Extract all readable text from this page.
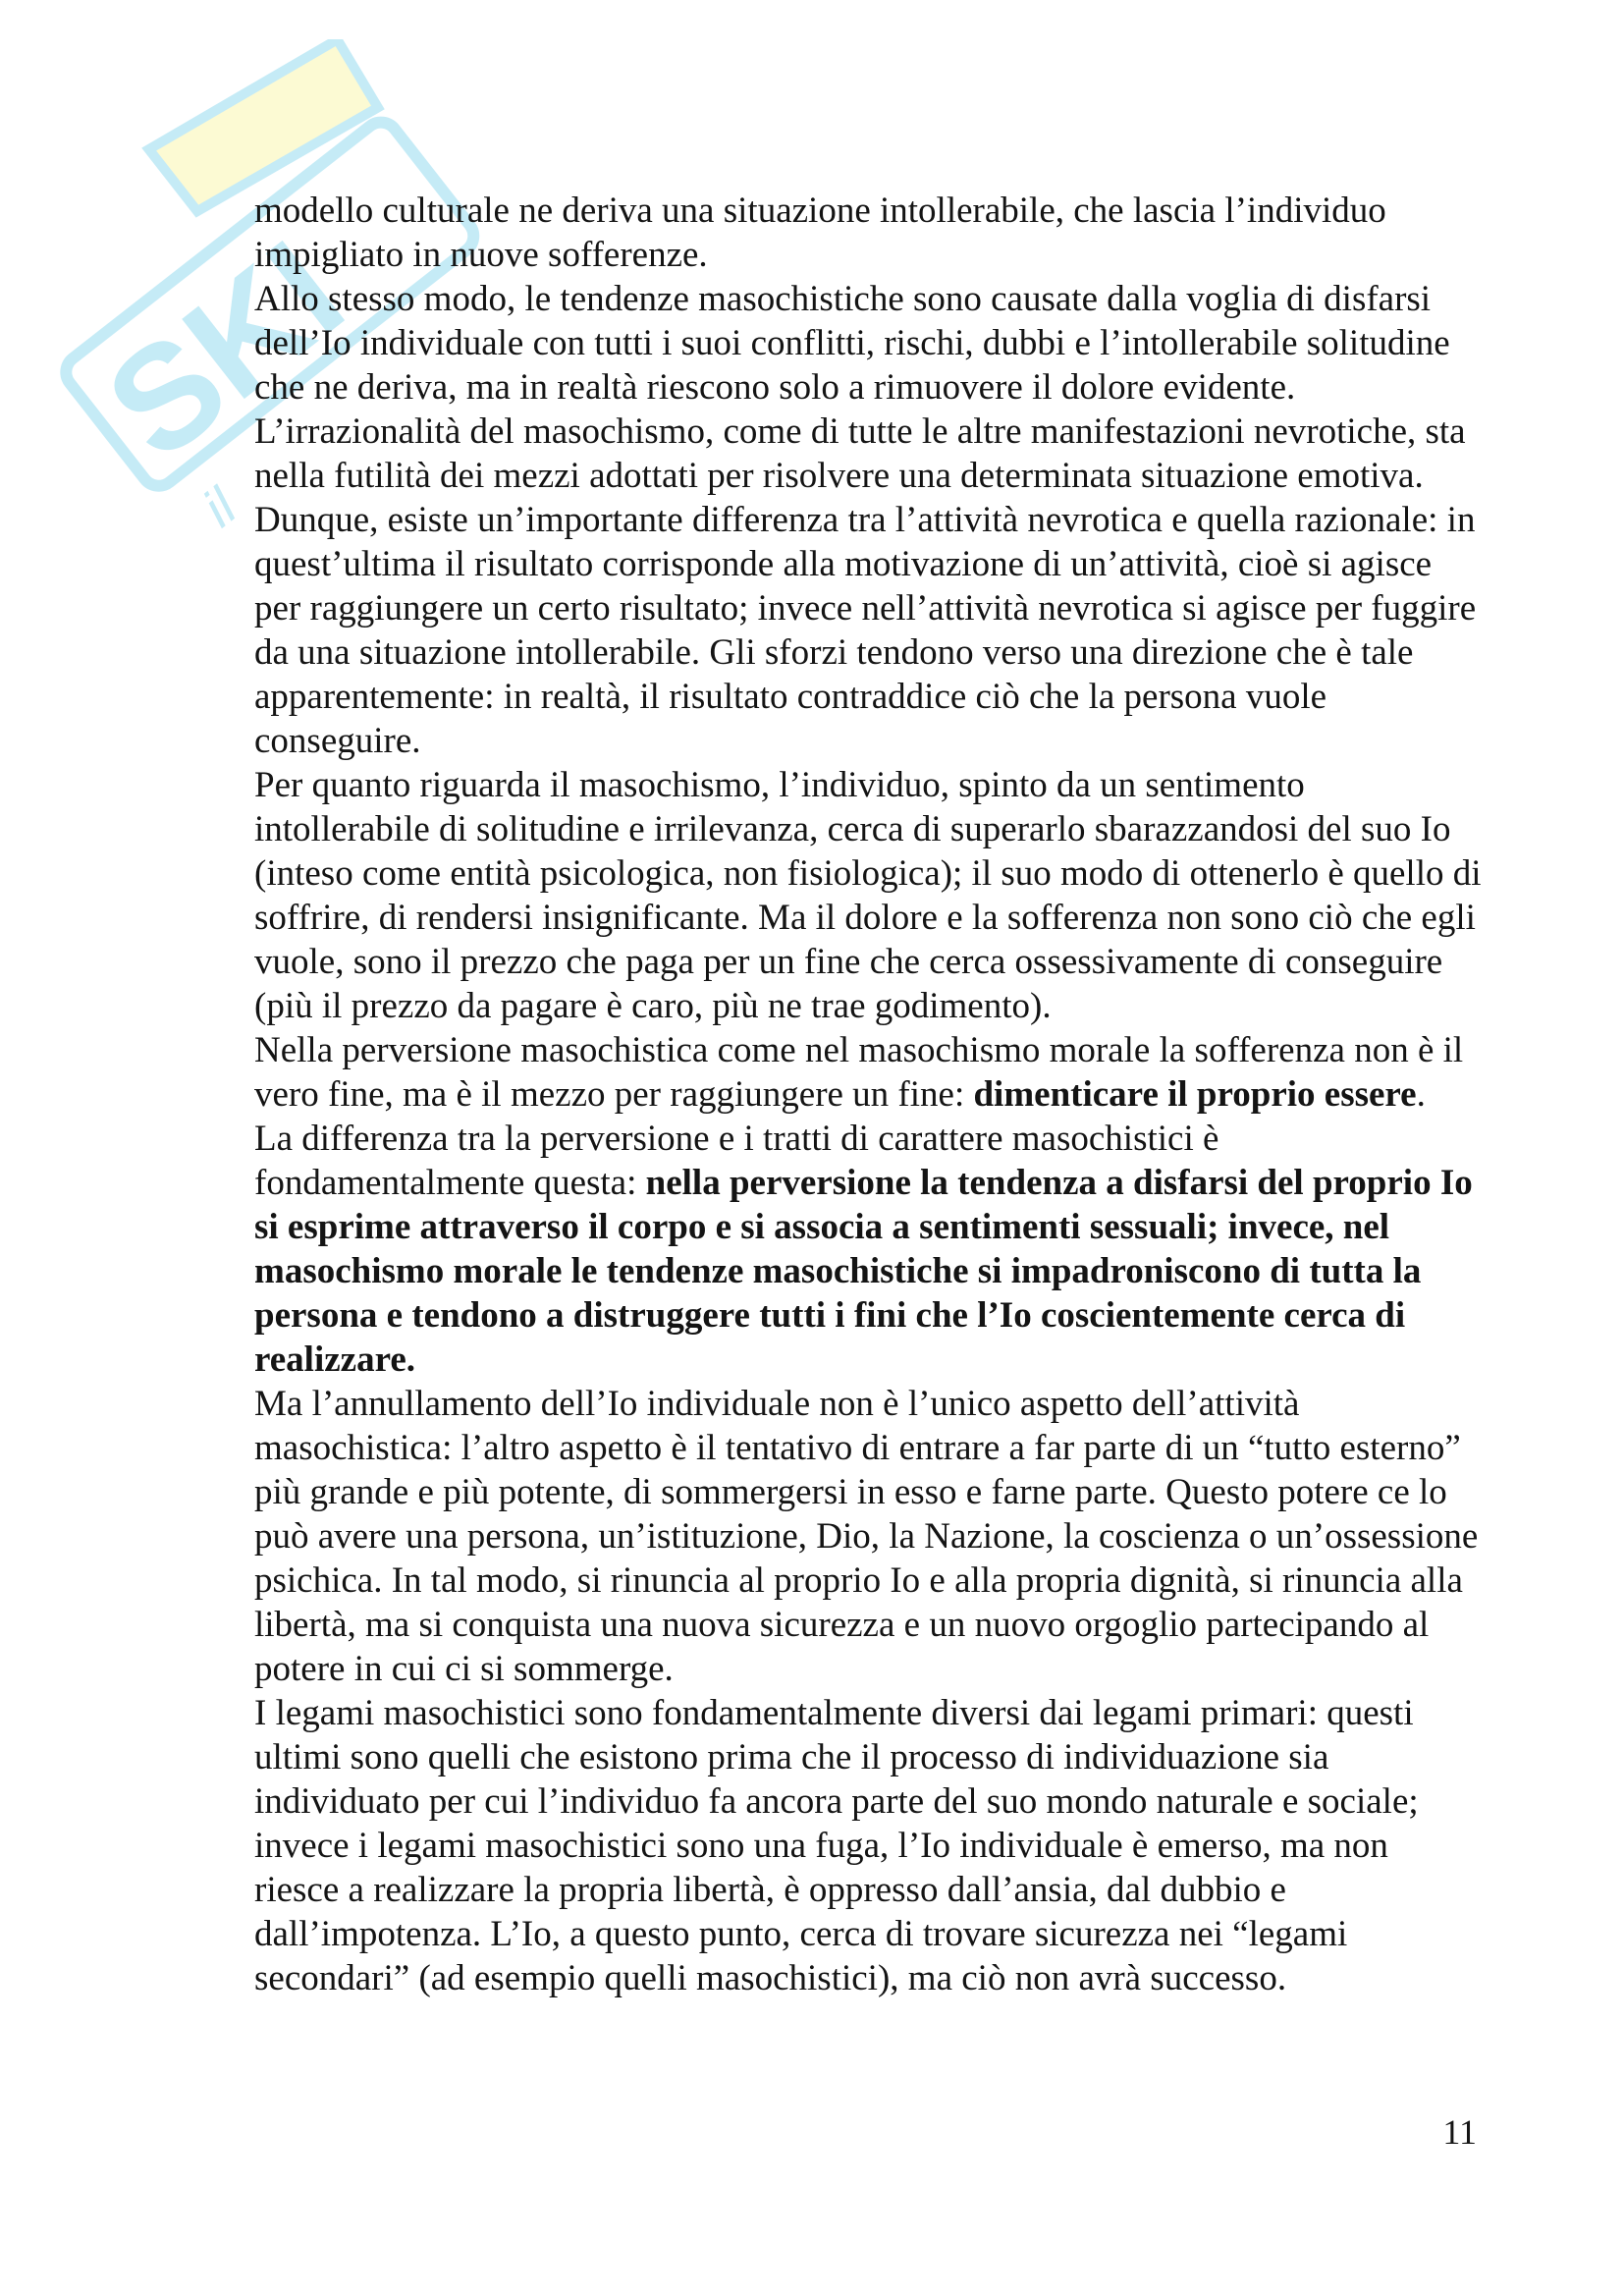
SKI
il

modello culturale ne deriva una situazione intollerabile, che lascia l’individuo impigliato in nuove sofferenze.

Allo stesso modo, le tendenze masochistiche sono causate dalla voglia di disfarsi dell’Io individuale con tutti i suoi conflitti, rischi, dubbi e l’intollerabile solitudine che ne deriva, ma in realtà riescono solo a rimuovere il dolore evidente. L’irrazionalità del masochismo, come di tutte le altre manifestazioni nevrotiche, sta nella futilità dei mezzi adottati per risolvere una determinata situazione emotiva.

Dunque, esiste un’importante differenza tra l’attività nevrotica e quella razionale: in quest’ultima il risultato corrisponde alla motivazione di un’attività, cioè si agisce per raggiungere un certo risultato; invece nell’attività nevrotica si agisce per fuggire da una situazione intollerabile. Gli sforzi tendono verso una direzione che è tale apparentemente: in realtà, il risultato contraddice ciò che la persona vuole conseguire.

Per quanto riguarda il masochismo, l’individuo, spinto da un sentimento intollerabile di solitudine e irrilevanza, cerca di superarlo sbarazzandosi del suo Io (inteso come entità psicologica, non fisiologica); il suo modo di ottenerlo è quello di soffrire, di rendersi insignificante. Ma il dolore e la sofferenza non sono ciò che egli vuole, sono il prezzo che paga per un fine che cerca ossessivamente di conseguire (più il prezzo da pagare è caro, più ne trae godimento).

Nella perversione masochistica come nel masochismo morale la sofferenza non è il vero fine, ma è il mezzo per raggiungere un fine: dimenticare il proprio essere.

La differenza tra la perversione e i tratti di carattere masochistici è fondamentalmente questa: nella perversione la tendenza a disfarsi del proprio Io si esprime attraverso il corpo e si associa a sentimenti sessuali; invece, nel masochismo morale le tendenze masochistiche si impadroniscono di tutta la persona e tendono a distruggere tutti i fini che l’Io coscientemente cerca di realizzare.

Ma l’annullamento dell’Io individuale non è l’unico aspetto dell’attività masochistica: l’altro aspetto è il tentativo di entrare a far parte di un “tutto esterno” più grande e più potente, di sommergersi in esso e farne parte. Questo potere ce lo può avere una persona, un’istituzione, Dio, la Nazione, la coscienza o un’ossessione psichica. In tal modo, si rinuncia al proprio Io e alla propria dignità, si rinuncia alla libertà, ma si conquista una nuova sicurezza e un nuovo orgoglio partecipando al potere in cui ci si sommerge.

I legami masochistici sono fondamentalmente diversi dai legami primari: questi ultimi sono quelli che esistono prima che il processo di individuazione sia individuato per cui l’individuo fa ancora parte del suo mondo naturale e sociale; invece i legami masochistici sono una fuga, l’Io individuale è emerso, ma non riesce a realizzare la propria libertà, è oppresso dall’ansia, dal dubbio e dall’impotenza. L’Io, a questo punto, cerca di trovare sicurezza nei “legami secondari” (ad esempio quelli masochistici), ma ciò non avrà successo.

11
